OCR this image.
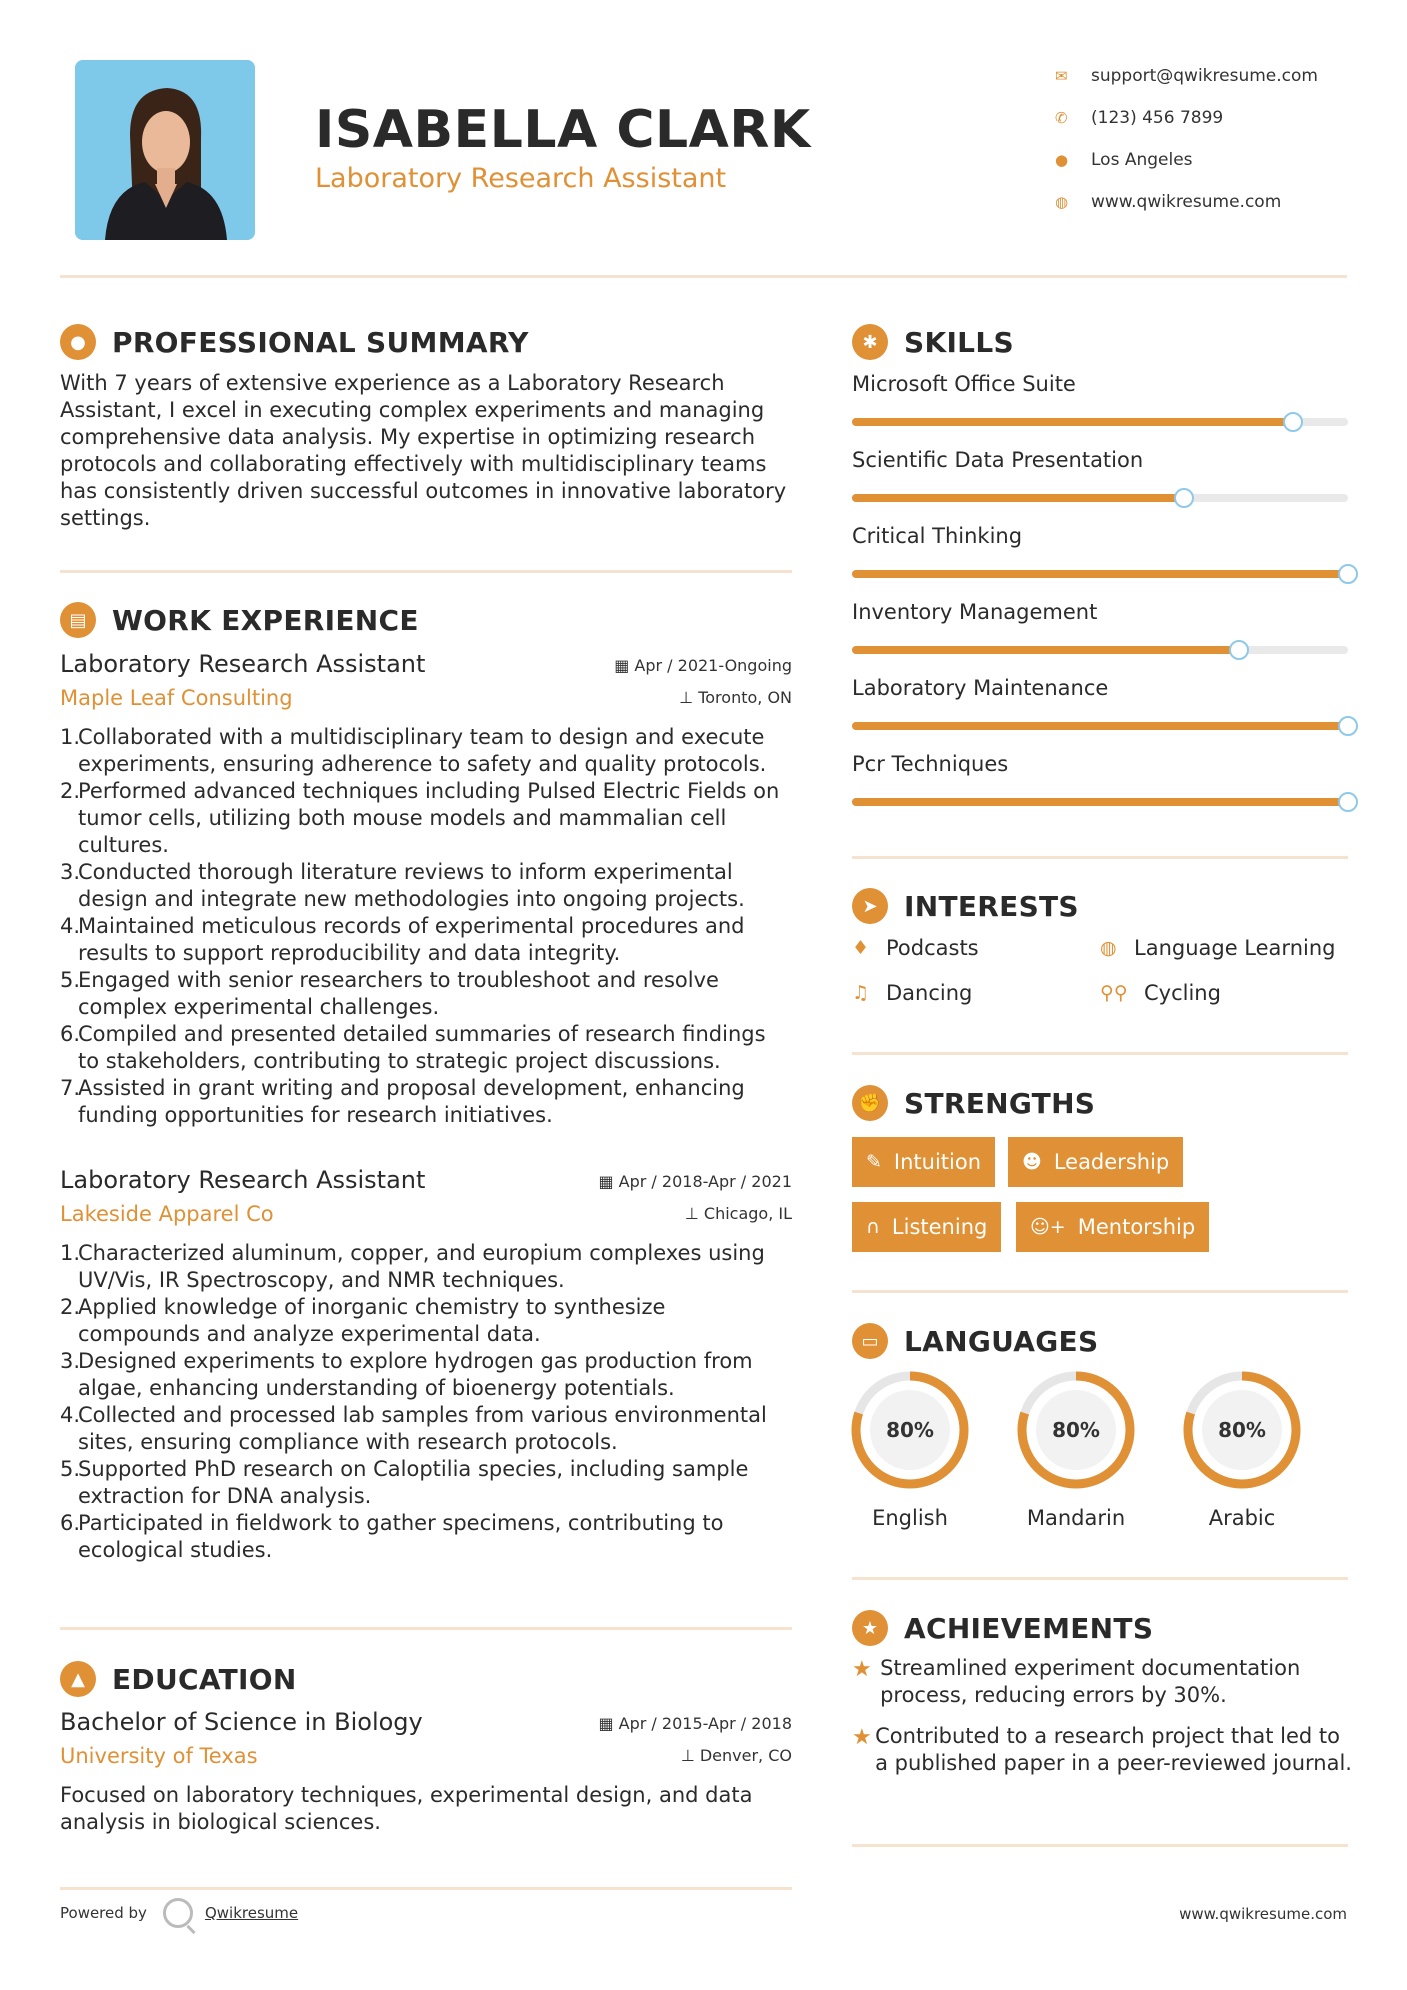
ISABELLA CLARK
Laboratory Research Assistant
✉	support@qwikresume.com
✆	(123) 456 7899
●	Los Angeles
◍	www.qwikresume.com
● PROFESSIONAL SUMMARY
With 7 years of extensive experience as a Laboratory Research Assistant, I excel in executing complex experiments and managing comprehensive data analysis. My expertise in optimizing research protocols and collaborating effectively with multidisciplinary teams has consistently driven successful outcomes in innovative laboratory settings.
▤ WORK EXPERIENCE
Laboratory Research Assistant
Maple Leaf Consulting
▦ Apr / 2021-Ongoing
⊥ Toronto, ON
1.
Collaborated with a multidisciplinary team to design and execute experiments, ensuring adherence to safety and quality protocols.
2.
Performed advanced techniques including Pulsed Electric Fields on tumor cells, utilizing both mouse models and mammalian cell cultures.
3.
Conducted thorough literature reviews to inform experimental design and integrate new methodologies into ongoing projects.
4.
Maintained meticulous records of experimental procedures and results to support reproducibility and data integrity.
5.
Engaged with senior researchers to troubleshoot and resolve complex experimental challenges.
6.
Compiled and presented detailed summaries of research findings to stakeholders, contributing to strategic project discussions.
7.
Assisted in grant writing and proposal development, enhancing funding opportunities for research initiatives.
Laboratory Research Assistant
Lakeside Apparel Co
▦ Apr / 2018-Apr / 2021
⊥ Chicago, IL
1.
Characterized aluminum, copper, and europium complexes using UV/Vis, IR Spectroscopy, and NMR techniques.
2.
Applied knowledge of inorganic chemistry to synthesize compounds and analyze experimental data.
3.
Designed experiments to explore hydrogen gas production from algae, enhancing understanding of bioenergy potentials.
4.
Collected and processed lab samples from various environmental sites, ensuring compliance with research protocols.
5.
Supported PhD research on Caloptilia species, including sample extraction for DNA analysis.
6.
Participated in fieldwork to gather specimens, contributing to ecological studies.
▲ EDUCATION
Bachelor of Science in Biology
University of Texas
▦ Apr / 2015-Apr / 2018
⊥ Denver, CO
Focused on laboratory techniques, experimental design, and data analysis in biological sciences.
✱ SKILLS
Microsoft Office Suite
Scientific Data Presentation
Critical Thinking
Inventory Management
Laboratory Maintenance
Pcr Techniques
➤ INTERESTS
♦ Podcasts	◍ Language Learning
♫ Dancing	⚲⚲ Cycling
✊ STRENGTHS
✎ Intuition ☻ Leadership
∩ Listening ☺+ Mentorship
▭ LANGUAGES
80%
English
80%
Mandarin
80%
Arabic
★ ACHIEVEMENTS
★ Streamlined experiment documentation process, reducing errors by 30%.
★ Contributed to a research project that led to a published paper in a peer-reviewed journal.
Powered by	Qwikresume	www.qwikresume.com
